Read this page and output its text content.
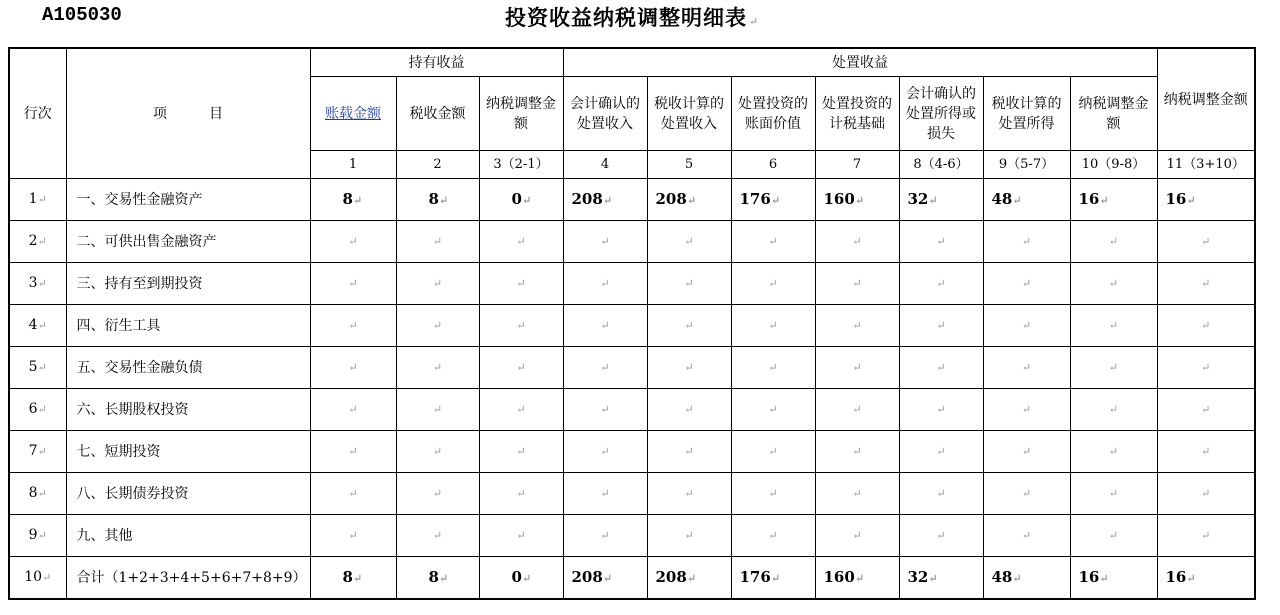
A105030	投资收益纳税调整明细表 ↵
行次	项　　　目	持有收益			处置收益							纳税调整金额
		账载金额	税收金额	纳税调整金额	会计确认的处置收入	税收计算的处置收入	处置投资的账面价值	处置投资的计税基础	会计确认的处置所得或损失	税收计算的处置所得	纳税调整金额	
		1	2	3（2-1）	4	5	6	7	8（4-6）	9（5-7）	10（9-8）	11（3+10）
1↵	一、交易性金融资产	8↵	8↵	0↵	208↵	208↵	176↵	160↵	32↵	48↵	16↵	16↵
2↵	二、可供出售金融资产	↵	↵	↵	↵	↵	↵	↵	↵	↵	↵	↵
3↵	三、持有至到期投资	↵	↵	↵	↵	↵	↵	↵	↵	↵	↵	↵
4↵	四、衍生工具	↵	↵	↵	↵	↵	↵	↵	↵	↵	↵	↵
5↵	五、交易性金融负债	↵	↵	↵	↵	↵	↵	↵	↵	↵	↵	↵
6↵	六、长期股权投资	↵	↵	↵	↵	↵	↵	↵	↵	↵	↵	↵
7↵	七、短期投资	↵	↵	↵	↵	↵	↵	↵	↵	↵	↵	↵
8↵	八、长期债券投资	↵	↵	↵	↵	↵	↵	↵	↵	↵	↵	↵
9↵	九、其他	↵	↵	↵	↵	↵	↵	↵	↵	↵	↵	↵
10↵	合计（1+2+3+4+5+6+7+8+9）	8↵	8↵	0↵	208↵	208↵	176↵	160↵	32↵	48↵	16↵	16↵
